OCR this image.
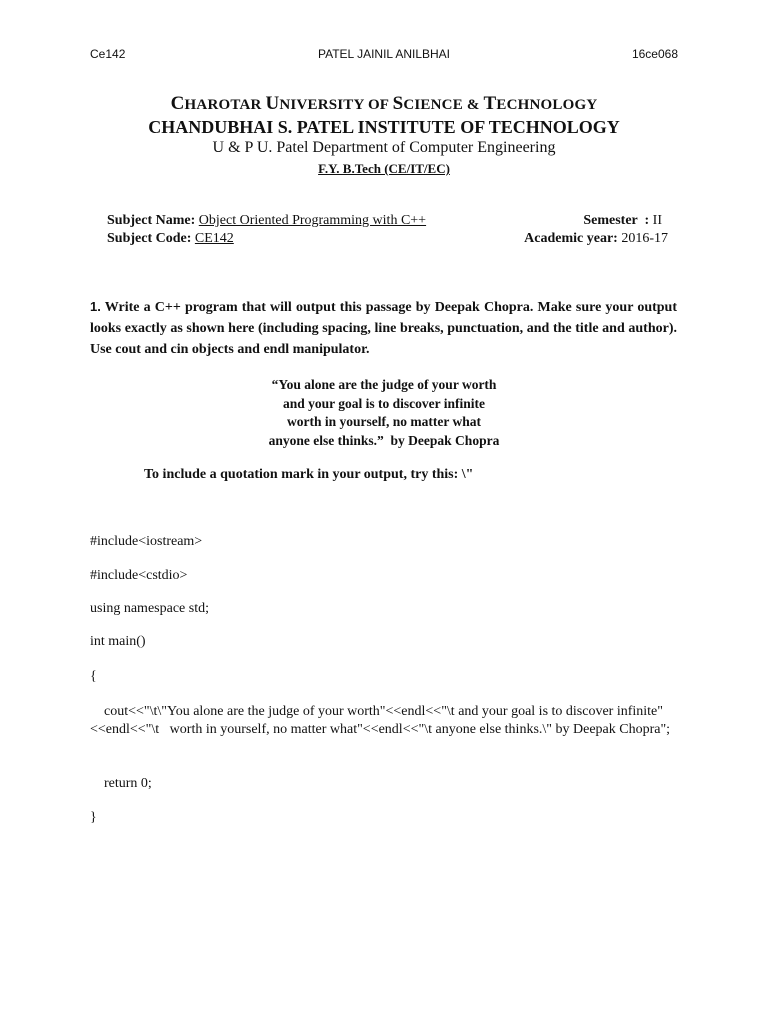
Ce142	PATEL JAINIL ANILBHAI	16ce068
CHAROTAR UNIVERSITY OF SCIENCE & TECHNOLOGY
CHANDUBHAI S. PATEL INSTITUTE OF TECHNOLOGY
U & P U. Patel Department of Computer Engineering
F.Y. B.Tech (CE/IT/EC)
Subject Name: Object Oriented Programming with C++
Subject Code: CE142
Semester  : II
Academic year: 2016-17
1. Write a C++ program that will output this passage by Deepak Chopra. Make sure your output looks exactly as shown here (including spacing, line breaks, punctuation, and the title and author). Use cout and cin objects and endl manipulator.
“You alone are the judge of your worth
and your goal is to discover infinite
worth in yourself, no matter what
anyone else thinks.”  by Deepak Chopra
To include a quotation mark in your output, try this: \"
#include<iostream>
#include<cstdio>
using namespace std;
int main()
{
cout<<"\t\"You alone are the judge of your worth"<<endl<<"\t and your goal is to discover infinite"<<endl<<"\t   worth in yourself, no matter what"<<endl<<"\t anyone else thinks.\" by Deepak Chopra";
return 0;
}
